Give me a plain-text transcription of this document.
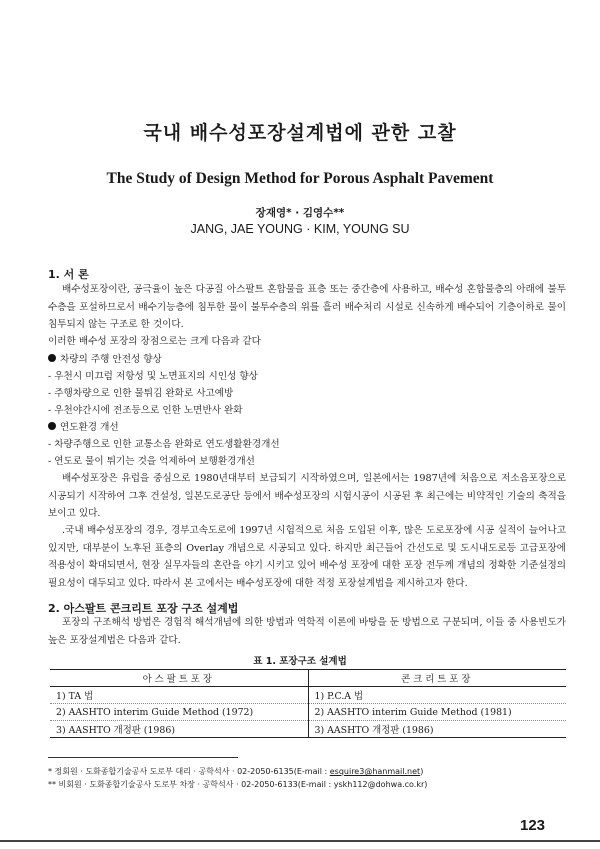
국내 배수성포장설계법에 관한 고찰
The Study of Design Method for Porous Asphalt Pavement
장재영* · 김영수**
JANG, JAE YOUNG · KIM, YOUNG SU
1. 서 론
배수성포장이란, 공극율이 높은 다공질 아스팔트 혼합물을 표층 또는 중간층에 사용하고, 배수성 혼합물층의 아래에 불투수층을 포설하므로서 배수기능층에 침투한 물이 불투수층의 위를 흘러 배수처리 시설로 신속하게 배수되어 기층이하로 물이 침투되지 않는 구조로 한 것이다.
이러한 배수성 포장의 장점으로는 크게 다음과 같다
차량의 주행 안전성 향상
- 우천시 미끄럼 저항성 및 노면표지의 시인성 향상
- 주행차량으로 인한 물튀김 완화로 사고예방
- 우천야간시에 전조등으로 인한 노면반사 완화
연도환경 개선
- 차량주행으로 인한 교통소음 완화로 연도생활환경개선
- 연도로 물이 튀기는 것을 억제하여 보행환경개선
배수성포장은 유럽을 중심으로 1980년대부터 보급되기 시작하였으며, 일본에서는 1987년에 처음으로 저소음포장으로 시공되기 시작하여 그후 건설성, 일본도로공단 등에서 배수성포장의 시험시공이 시공된 후 최근에는 비약적인 기술의 축적을 보이고 있다.
.국내 배수성포장의 경우, 경부고속도로에 1997년 시험적으로 처음 도입된 이후, 많은 도로포장에 시공 실적이 늘어나고 있지만, 대부분이 노후된 표층의 Overlay 개념으로 시공되고 있다. 하지만 최근들어 간선도로 및 도시내도로등 고급포장에 적용성이 확대되면서, 현장 실무자들의 혼란을 야기 시키고 있어 배수성 포장에 대한 포장 전두께 개념의 정확한 기준설정의 필요성이 대두되고 있다. 따라서 본 고에서는 배수성포장에 대한 적정 포장설계법을 제시하고자 한다.
2. 아스팔트 콘크리트 포장 구조 설계법
포장의 구조해석 방법은 경험적 해석개념에 의한 방법과 역학적 이론에 바탕을 둔 방법으로 구분되며, 이들 중 사용빈도가 높은 포장설계법은 다음과 같다.
표 1. 포장구조 설계법
아스팔트포장	콘크리트포장
1) TA 법	1) P.C.A 법
2) AASHTO interim Guide Method (1972)	2) AASHTO interim Guide Method (1981)
3) AASHTO 개정판 (1986)	3) AASHTO 개정판 (1986)
* 정회원 · 도화종합기술공사 도로부 대리 · 공학석사 · 02-2050-6135(E-mail : esquire3@hanmail.net)
** 비회원 · 도화종합기술공사 도로부 차장 · 공학석사 · 02-2050-6133(E-mail : yskh112@dohwa.co.kr)
123
